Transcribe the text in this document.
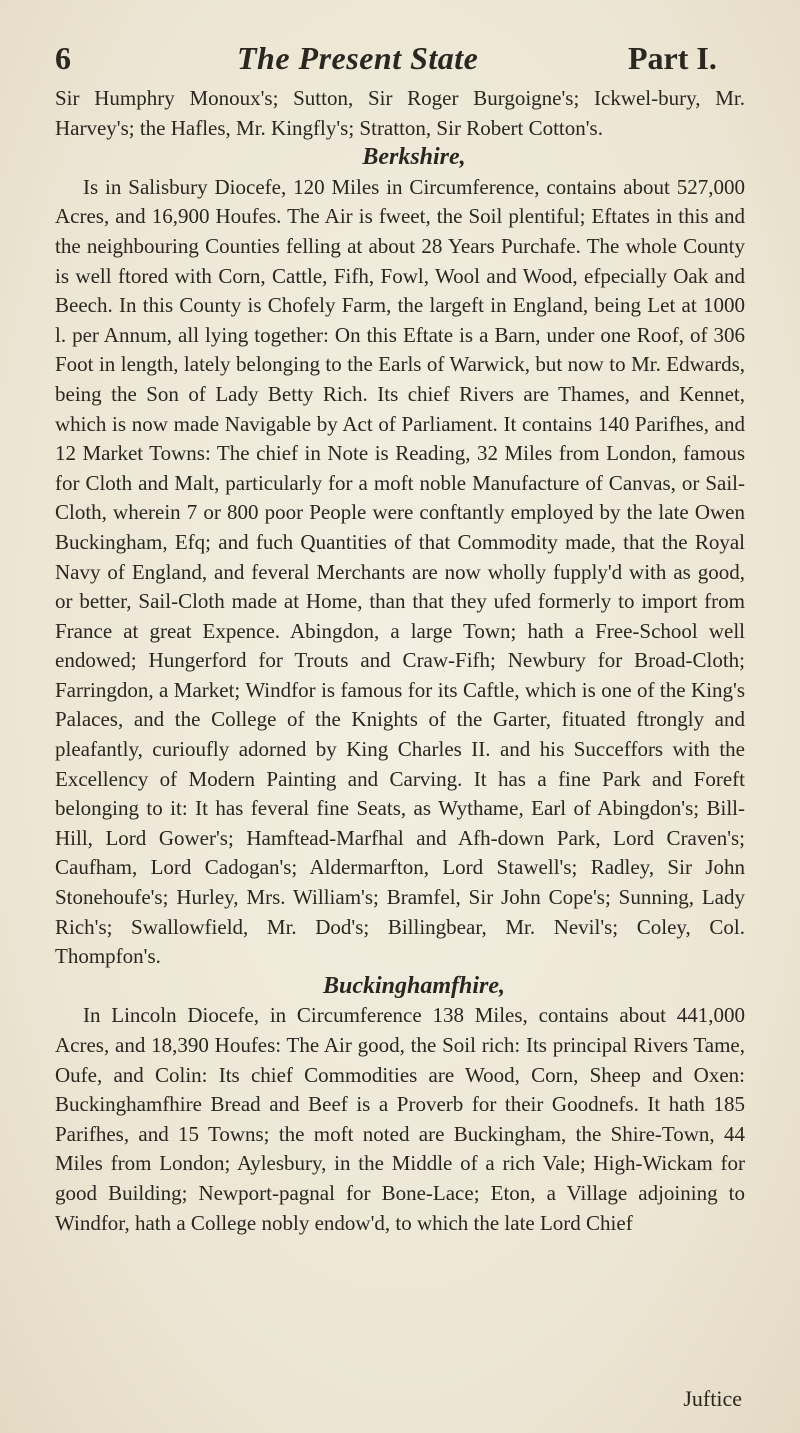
6	The Present State	Part I.

Sir Humphry Monoux's; Sutton, Sir Roger Burgoigne's; Ickwel-bury, Mr. Harvey's; the Hafles, Mr. Kingfly's; Stratton, Sir Robert Cotton's.

Berkshire,

Is in Salisbury Diocefe, 120 Miles in Circumference, contains about 527,000 Acres, and 16,900 Houfes. The Air is fweet, the Soil plentiful; Eftates in this and the neighbouring Counties felling at about 28 Years Purchafe. The whole County is well ftored with Corn, Cattle, Fifh, Fowl, Wool and Wood, efpecially Oak and Beech. In this County is Chofely Farm, the largeft in England, being Let at 1000 l. per Annum, all lying together: On this Eftate is a Barn, under one Roof, of 306 Foot in length, lately belonging to the Earls of Warwick, but now to Mr. Edwards, being the Son of Lady Betty Rich. Its chief Rivers are Thames, and Kennet, which is now made Navigable by Act of Parliament. It contains 140 Parifhes, and 12 Market Towns: The chief in Note is Reading, 32 Miles from London, famous for Cloth and Malt, particularly for a moft noble Manufacture of Canvas, or Sail-Cloth, wherein 7 or 800 poor People were conftantly employed by the late Owen Buckingham, Efq; and fuch Quantities of that Commodity made, that the Royal Navy of England, and feveral Merchants are now wholly fupply'd with as good, or better, Sail-Cloth made at Home, than that they ufed formerly to import from France at great Expence. Abingdon, a large Town; hath a Free-School well endowed; Hungerford for Trouts and Craw-Fifh; Newbury for Broad-Cloth; Farringdon, a Market; Windfor is famous for its Caftle, which is one of the King's Palaces, and the College of the Knights of the Garter, fituated ftrongly and pleafantly, curioufly adorned by King Charles II. and his Succeffors with the Excellency of Modern Painting and Carving. It has a fine Park and Foreft belonging to it: It has feveral fine Seats, as Wythame, Earl of Abingdon's; Bill-Hill, Lord Gower's; Hamftead-Marfhal and Afh-down Park, Lord Craven's; Caufham, Lord Cadogan's; Aldermarfton, Lord Stawell's; Radley, Sir John Stonehoufe's; Hurley, Mrs. William's; Bramfel, Sir John Cope's; Sunning, Lady Rich's; Swallowfield, Mr. Dod's; Billingbear, Mr. Nevil's; Coley, Col. Thompfon's.

Buckinghamfhire,

In Lincoln Diocefe, in Circumference 138 Miles, contains about 441,000 Acres, and 18,390 Houfes: The Air good, the Soil rich: Its principal Rivers Tame, Oufe, and Colin: Its chief Commodities are Wood, Corn, Sheep and Oxen: Buckinghamfhire Bread and Beef is a Proverb for their Goodnefs. It hath 185 Parifhes, and 15 Towns; the moft noted are Buckingham, the Shire-Town, 44 Miles from London; Aylesbury, in the Middle of a rich Vale; High-Wickam for good Building; Newport-pagnal for Bone-Lace; Eton, a Village adjoining to Windfor, hath a College nobly endow'd, to which the late Lord Chief

Juftice
